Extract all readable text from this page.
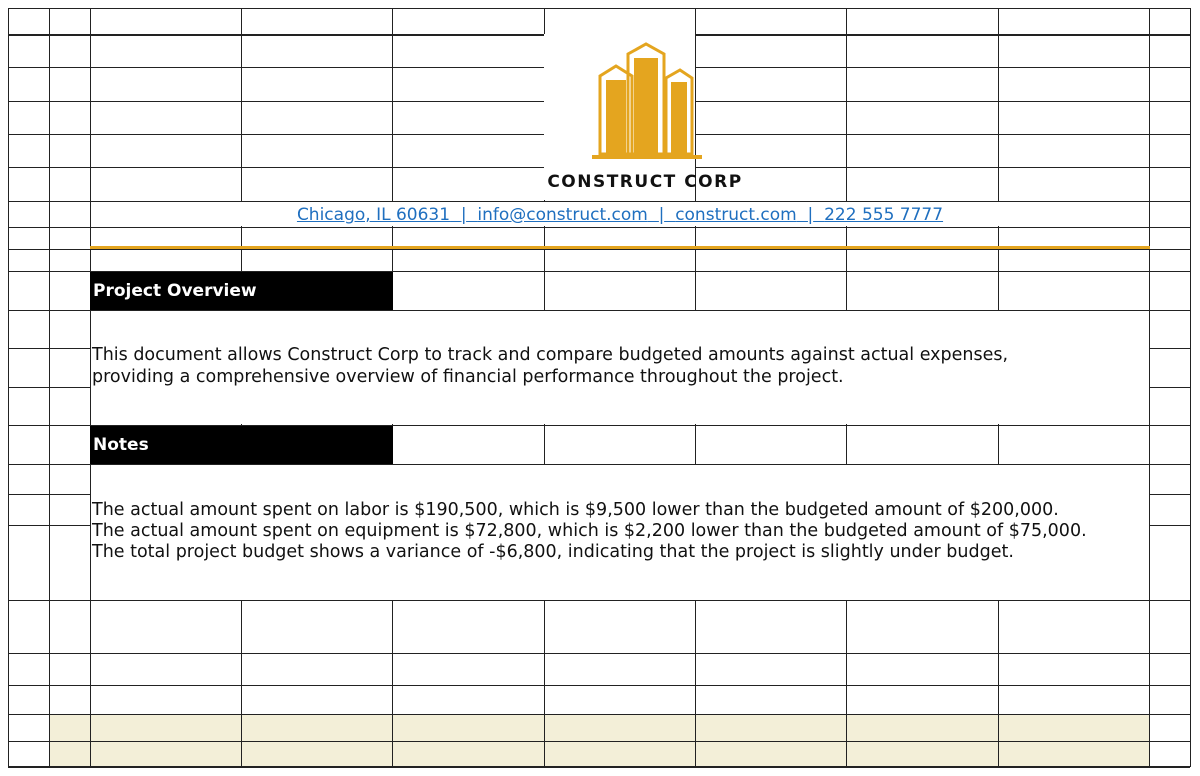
CONSTRUCT CORP
Chicago, IL 60631 | info@construct.com | construct.com | 222 555 7777
Project Overview
This document allows Construct Corp to track and compare budgeted amounts against actual expenses,
providing a comprehensive overview of financial performance throughout the project.
Notes
The actual amount spent on labor is $190,500, which is $9,500 lower than the budgeted amount of $200,000.
The actual amount spent on equipment is $72,800, which is $2,200 lower than the budgeted amount of $75,000.
The total project budget shows a variance of -$6,800, indicating that the project is slightly under budget.
